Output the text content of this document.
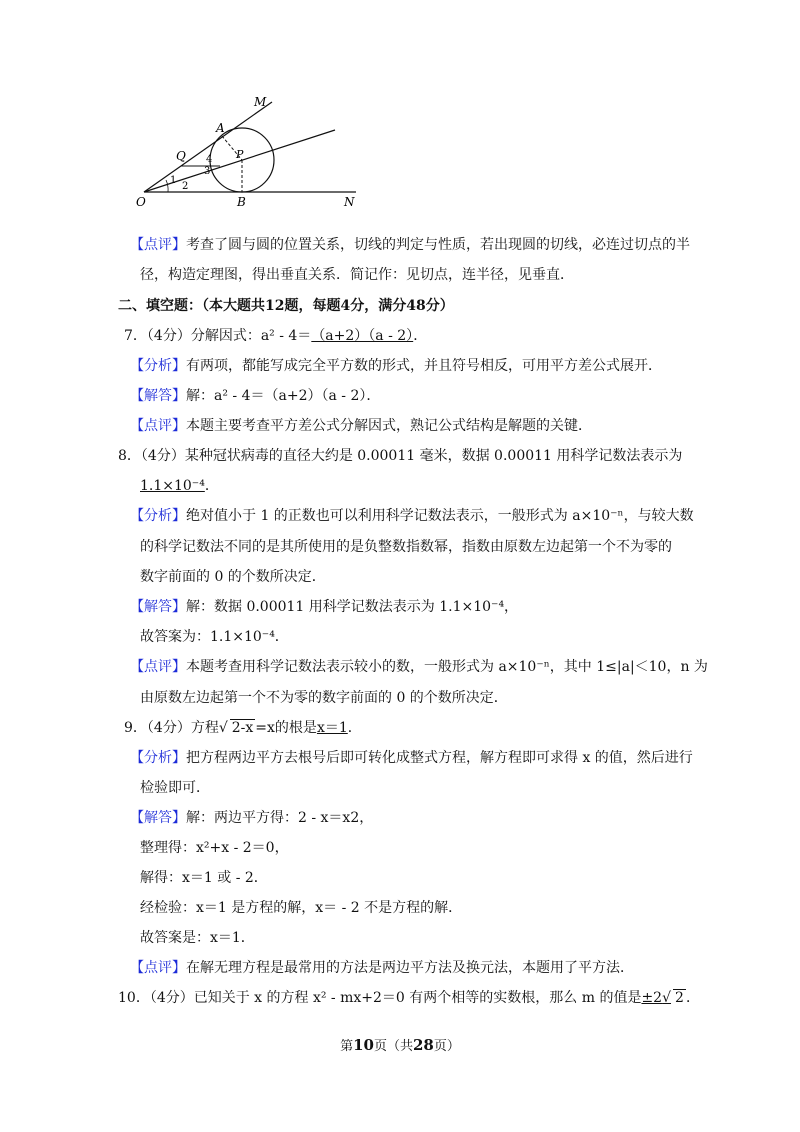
M
A
Q	P
4
3
1
2
O	B	N
【点评】考查了圆与圆的位置关系，切线的判定与性质，若出现圆的切线，必连过切点的半
径，构造定理图，得出垂直关系．简记作：见切点，连半径，见垂直．
二、填空题：（本大题共12题，每题4分，满分48分）
7．（4分）分解因式：a² - 4＝（a+2）（a - 2）．
【分析】有两项，都能写成完全平方数的形式，并且符号相反，可用平方差公式展开．
【解答】解：a² - 4＝（a+2）（a - 2）．
【点评】本题主要考查平方差公式分解因式，熟记公式结构是解题的关键．
8．（4分）某种冠状病毒的直径大约是 0.00011 毫米，数据 0.00011 用科学记数法表示为
1.1×10⁻⁴．
【分析】绝对值小于 1 的正数也可以利用科学记数法表示，一般形式为 a×10⁻ⁿ，与较大数
的科学记数法不同的是其所使用的是负整数指数幂，指数由原数左边起第一个不为零的
数字前面的 0 的个数所决定．
【解答】解：数据 0.00011 用科学记数法表示为 1.1×10⁻⁴，
故答案为：1.1×10⁻⁴．
【点评】本题考查用科学记数法表示较小的数，一般形式为 a×10⁻ⁿ，其中 1≤|a|＜10，n 为
由原数左边起第一个不为零的数字前面的 0 的个数所决定．
9．（4分）方程√ 2-x =x的根是x＝1．
【分析】把方程两边平方去根号后即可转化成整式方程，解方程即可求得 x 的值，然后进行
检验即可．
【解答】解：两边平方得：2 - x＝x2，
整理得：x²+x - 2＝0，
解得：x＝1 或 - 2．
经检验：x＝1 是方程的解，x＝ - 2 不是方程的解．
故答案是：x＝1．
【点评】在解无理方程是最常用的方法是两边平方法及换元法，本题用了平方法．
10．（4分）已知关于 x 的方程 x² - mx+2＝0 有两个相等的实数根，那么 m 的值是±2√ 2 ．
第10页（共28页）
